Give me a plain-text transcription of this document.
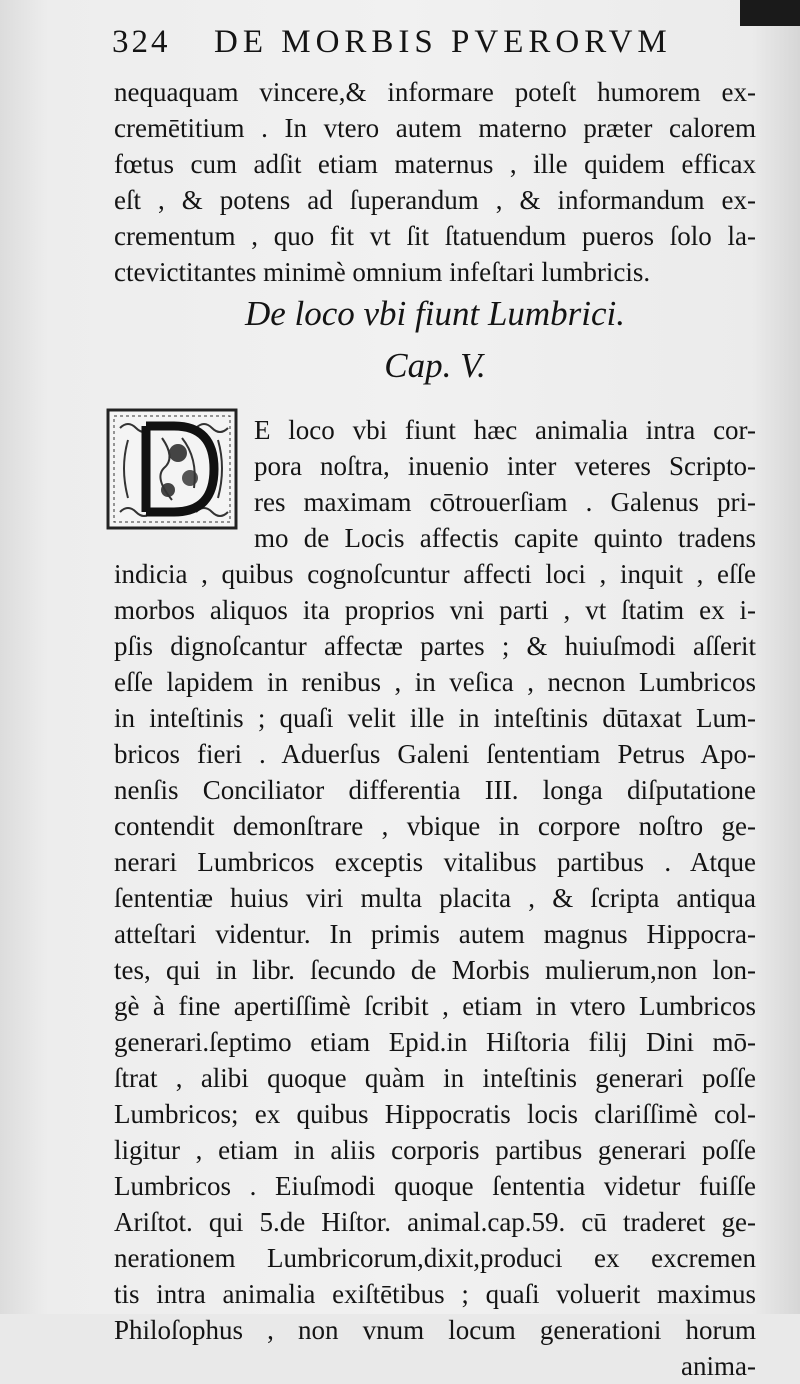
324 DE MORBIS PVERORVM
nequaquam vincere,& informare poteſt humorem ex-
cremētitium . In vtero autem materno præter calorem
fœtus cum adſit etiam maternus , ille quidem efficax
eſt , & potens ad ſuperandum , & informandum ex-
crementum , quo fit vt ſit ſtatuendum pueros ſolo la-
ctevictitantes minimè omnium infeſtari lumbricis.
De loco vbi fiunt Lumbrici.
Cap. V.
E loco vbi fiunt hæc animalia intra cor-
pora noſtra, inuenio inter veteres Scripto-
res maximam cōtrouerſiam . Galenus pri-
mo de Locis affectis capite quinto tradens
indicia , quibus cognoſcuntur affecti loci , inquit , eſſe
morbos aliquos ita proprios vni parti , vt ſtatim ex i-
pſis dignoſcantur affectæ partes ; & huiuſmodi aſſerit
eſſe lapidem in renibus , in veſica , necnon Lumbricos
in inteſtinis ; quaſi velit ille in inteſtinis dūtaxat Lum-
bricos fieri . Aduerſus Galeni ſententiam Petrus Apo-
nenſis Conciliator differentia III. longa diſputatione
contendit demonſtrare , vbique in corpore noſtro ge-
nerari Lumbricos exceptis vitalibus partibus . Atque
ſententiæ huius viri multa placita , & ſcripta antiqua
atteſtari videntur. In primis autem magnus Hippocra-
tes, qui in libr. ſecundo de Morbis mulierum,non lon-
gè à fine apertiſſimè ſcribit , etiam in vtero Lumbricos
generari.ſeptimo etiam Epid.in Hiſtoria filij Dini mō-
ſtrat , alibi quoque quàm in inteſtinis generari poſſe
Lumbricos; ex quibus Hippocratis locis clariſſimè col-
ligitur , etiam in aliis corporis partibus generari poſſe
Lumbricos . Eiuſmodi quoque ſententia videtur fuiſſe
Ariſtot. qui 5.de Hiſtor. animal.cap.59. cū traderet ge-
nerationem Lumbricorum,dixit,produci ex excremen
tis intra animalia exiſtētibus ; quaſi voluerit maximus
Philoſophus , non vnum locum generationi horum
anima-
